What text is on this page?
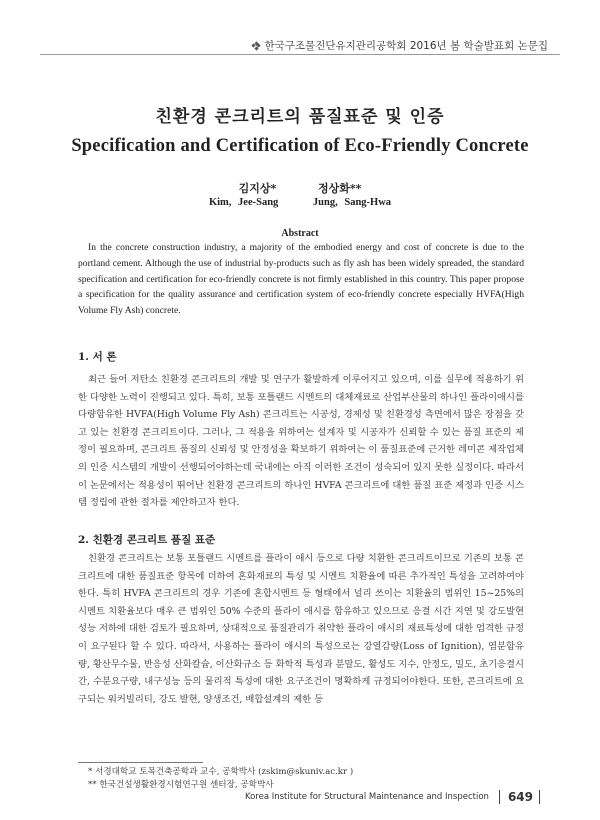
한국구조물진단유지관리공학회 2016년 봄 학술발표회 논문집
친환경 콘크리트의 품질표준 및 인증
Specification and Certification of Eco-Friendly Concrete
김지상* 정상화**
Kim, Jee-Sang	Jung, Sang-Hwa
Abstract
In the concrete construction industry, a majority of the embodied energy and cost of concrete is due to the portland cement. Although the use of industrial by-products such as fly ash has been widely spreaded, the standard specification and certification for eco-friendly concrete is not firmly established in this country. This paper propose a specification for the quality assurance and certification system of eco-friendly concrete especially HVFA(High Volume Fly Ash) concrete.
1. 서 론
최근 들어 저탄소 친환경 콘크리트의 개발 및 연구가 활발하게 이루어지고 있으며, 이를 실무에 적용하기 위한 다양한 노력이 진행되고 있다. 특히, 보통 포틀랜드 시멘트의 대체재료로 산업부산물의 하나인 플라이애시를 다량함유한 HVFA(High Volume Fly Ash) 콘크리트는 시공성, 경제성 및 친환경성 측면에서 많은 장점을 갖고 있는 친환경 콘크리트이다. 그러나, 그 적용을 위하여는 설계자 및 시공자가 신뢰할 수 있는 품질 표준의 제정이 필요하며, 콘크리트 품질의 신뢰성 및 안정성을 확보하기 위하여는 이 품질표준에 근거한 레미콘 제작업체의 인증 시스템의 개발이 선행되어야하는데 국내에는 아직 이러한 조건이 성숙되어 있지 못한 실정이다. 따라서 이 논문에서는 적용성이 뛰어난 친환경 콘크리트의 하나인 HVFA 콘크리트에 대한 품질 표준 제정과 인증 시스템 정립에 관한 절차를 제안하고자 한다.
2. 친환경 콘크리트 품질 표준
친환경 콘크리트는 보통 포틀랜드 시멘트를 플라이 애시 등으로 다량 치환한 콘크리트이므로 기존의 보통 콘크리트에 대한 품질표준 항목에 더하여 혼화재료의 특성 및 시멘트 치환율에 따른 추가적인 특성을 고려하여야한다. 특히 HVFA 콘크리트의 경우 기존에 혼합시멘트 등 형태에서 널리 쓰이는 치환율의 범위인 15~25%의 시멘트 치환율보다 매우 큰 범위인 50% 수준의 플라이 애시를 함유하고 있으므로 응결 시간 지연 및 강도발현 성능 저하에 대한 검토가 필요하며, 상대적으로 품질관리가 취약한 플라이 애시의 재료특성에 대한 엄격한 규정이 요구된다 할 수 있다. 따라서, 사용하는 플라이 애시의 특성으로는 강열감량(Loss of Ignition), 염분함유량, 황산무수물, 반응성 산화칼슘, 이산화규소 등 화학적 특성과 분말도, 활성도 지수, 안정도, 밀도, 초기응결시간, 수분요구량, 내구성능 등의 물리적 특성에 대한 요구조건이 명확하게 규정되어야한다. 또한, 콘크리트에 요구되는 워커빌리티, 강도 발현, 양생조건, 배합설계의 제한 등
* 서경대학교 토목건축공학과 교수, 공학박사 (zskim@skuniv.ac.kr )
** 한국건설생활환경시험연구원 센터장, 공학박사
Korea Institute for Structural Maintenance and Inspection	649
